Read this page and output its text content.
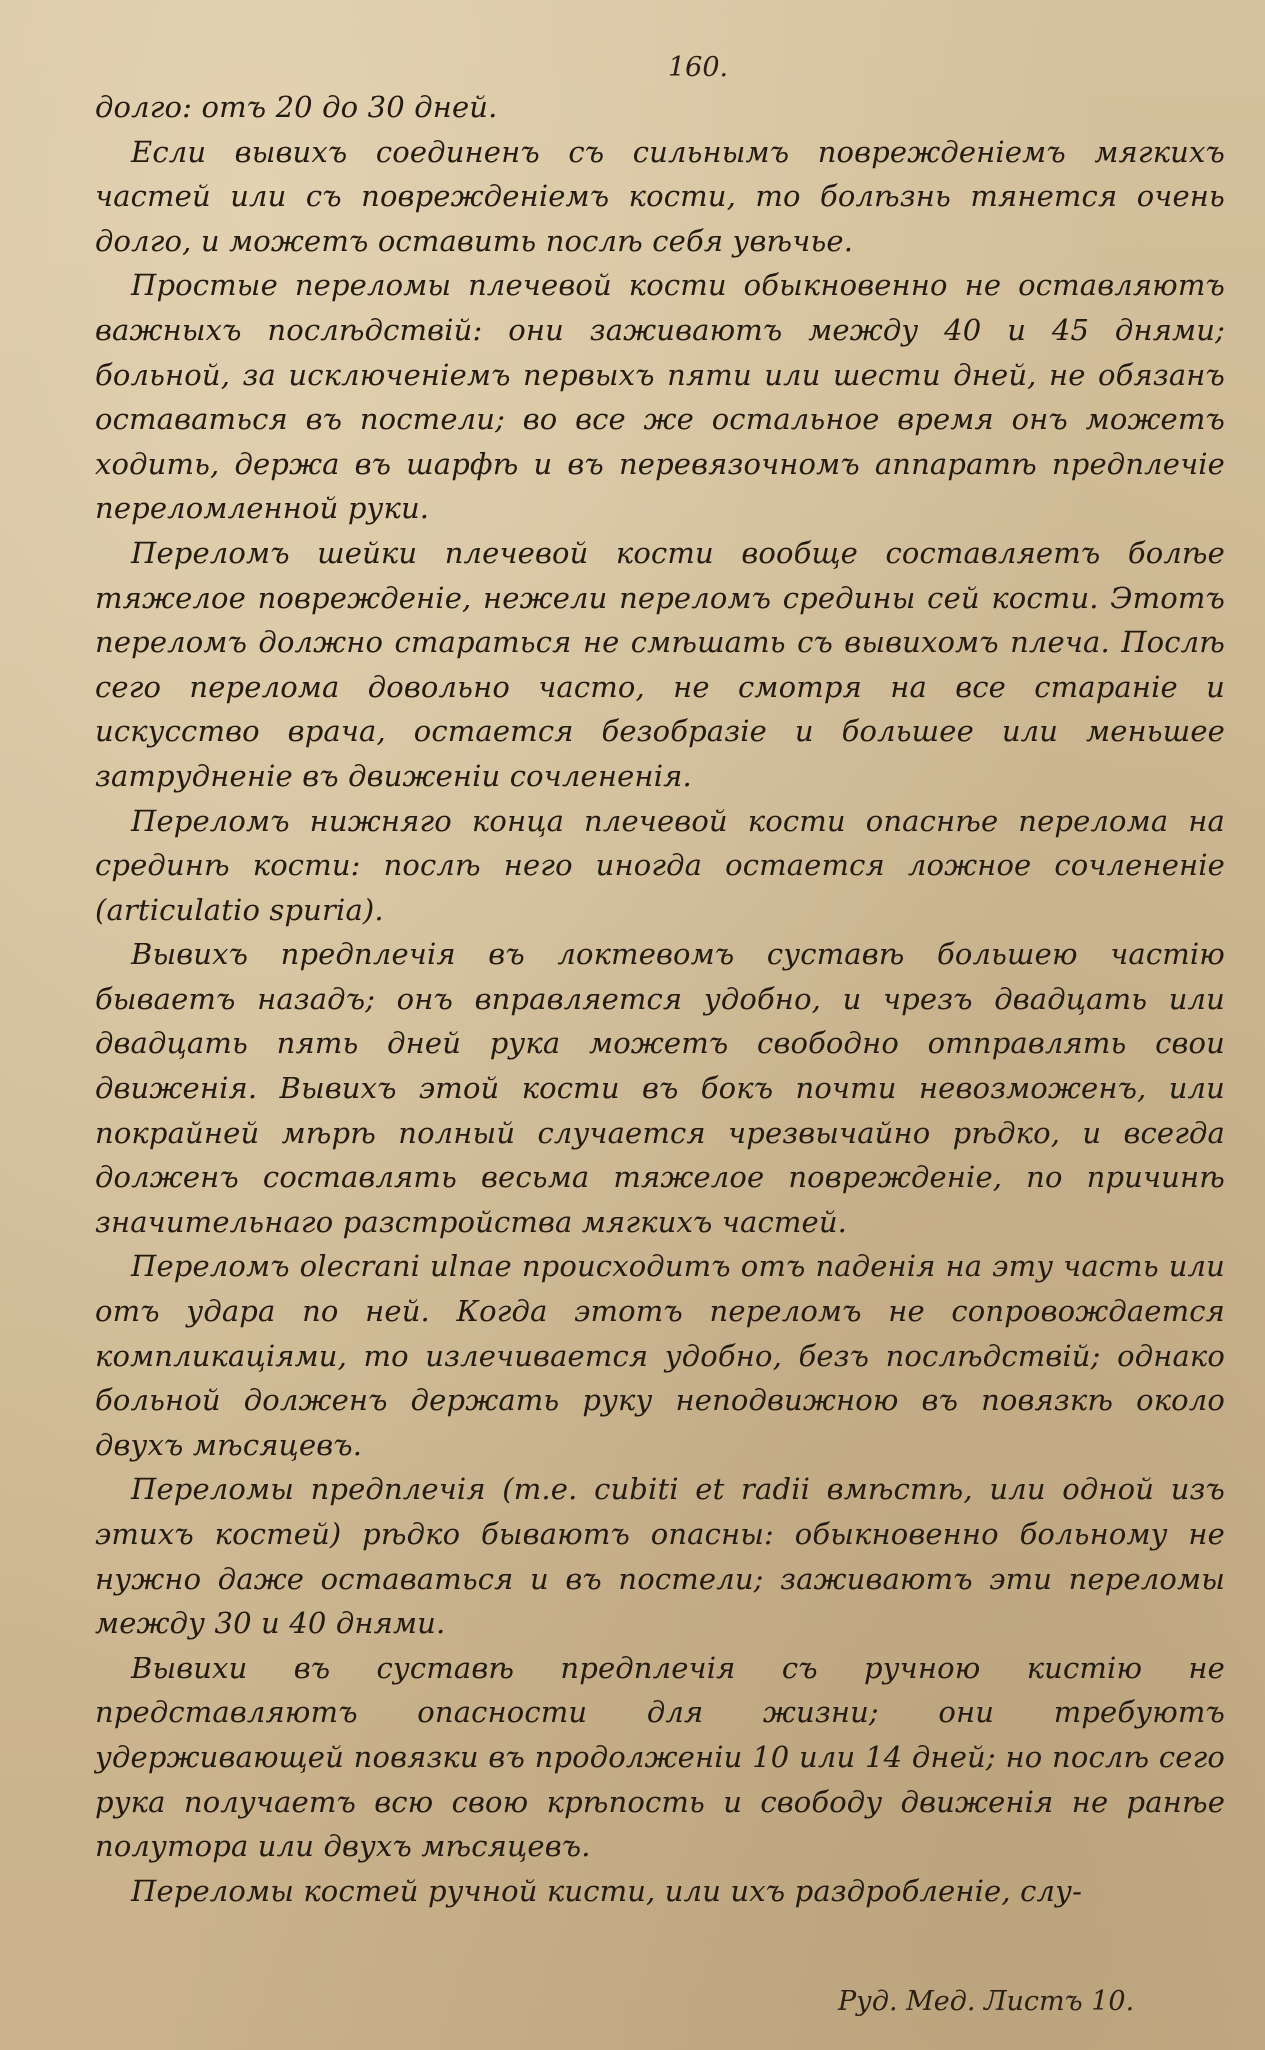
160.

долго: отъ 20 до 30 дней.

Если вывихъ соединенъ съ сильнымъ поврежденіемъ мягкихъ частей или съ поврежденіемъ кости, то болѣзнь тянется очень долго, и можетъ оставить послѣ себя увѣчье.

Простые переломы плечевой кости обыкновенно не оставляютъ важныхъ послѣдствій: они заживаютъ между 40 и 45 днями; больной, за исключеніемъ первыхъ пяти или шести дней, не обязанъ оставаться въ постели; во все же остальное время онъ можетъ ходить, держа въ шарфѣ и въ перевязочномъ аппаратѣ предплечіе переломленной руки.

Переломъ шейки плечевой кости вообще составляетъ болѣе тяжелое поврежденіе, нежели переломъ средины сей кости. Этотъ переломъ должно стараться не смѣшать съ вывихомъ плеча. Послѣ сего перелома довольно часто, не смотря на все стараніе и искусство врача, остается безобразіе и большее или меньшее затрудненіе въ движеніи сочлененія.

Переломъ нижняго конца плечевой кости опаснѣе перелома на срединѣ кости: послѣ него иногда остается ложное сочлененіе (articulatio spuria).

Вывихъ предплечія въ локтевомъ суставѣ большею частію бываетъ назадъ; онъ вправляется удобно, и чрезъ двадцать или двадцать пять дней рука можетъ свободно отправлять свои движенія. Вывихъ этой кости въ бокъ почти невозможенъ, или покрайней мѣрѣ полный случается чрезвычайно рѣдко, и всегда долженъ составлять весьма тяжелое поврежденіе, по причинѣ значительнаго разстройства мягкихъ частей.

Переломъ olecrani ulnae происходитъ отъ паденія на эту часть или отъ удара по ней. Когда этотъ переломъ не сопровождается компликаціями, то излечивается удобно, безъ послѣдствій; однако больной долженъ держать руку неподвижною въ повязкѣ около двухъ мѣсяцевъ.

Переломы предплечія (т.е. cubiti et radii вмѣстѣ, или одной изъ этихъ костей) рѣдко бываютъ опасны: обыкновенно больному не нужно даже оставаться и въ постели; заживаютъ эти переломы между 30 и 40 днями.

Вывихи въ суставѣ предплечія съ ручною кистію не представляютъ опасности для жизни; они требуютъ удерживающей повязки въ продолженіи 10 или 14 дней; но послѣ сего рука получаетъ всю свою крѣпость и свободу движенія не ранѣе полутора или двухъ мѣсяцевъ.

Переломы костей ручной кисти, или ихъ раздробленіе, слу-

Руд. Мед. Листъ 10.
